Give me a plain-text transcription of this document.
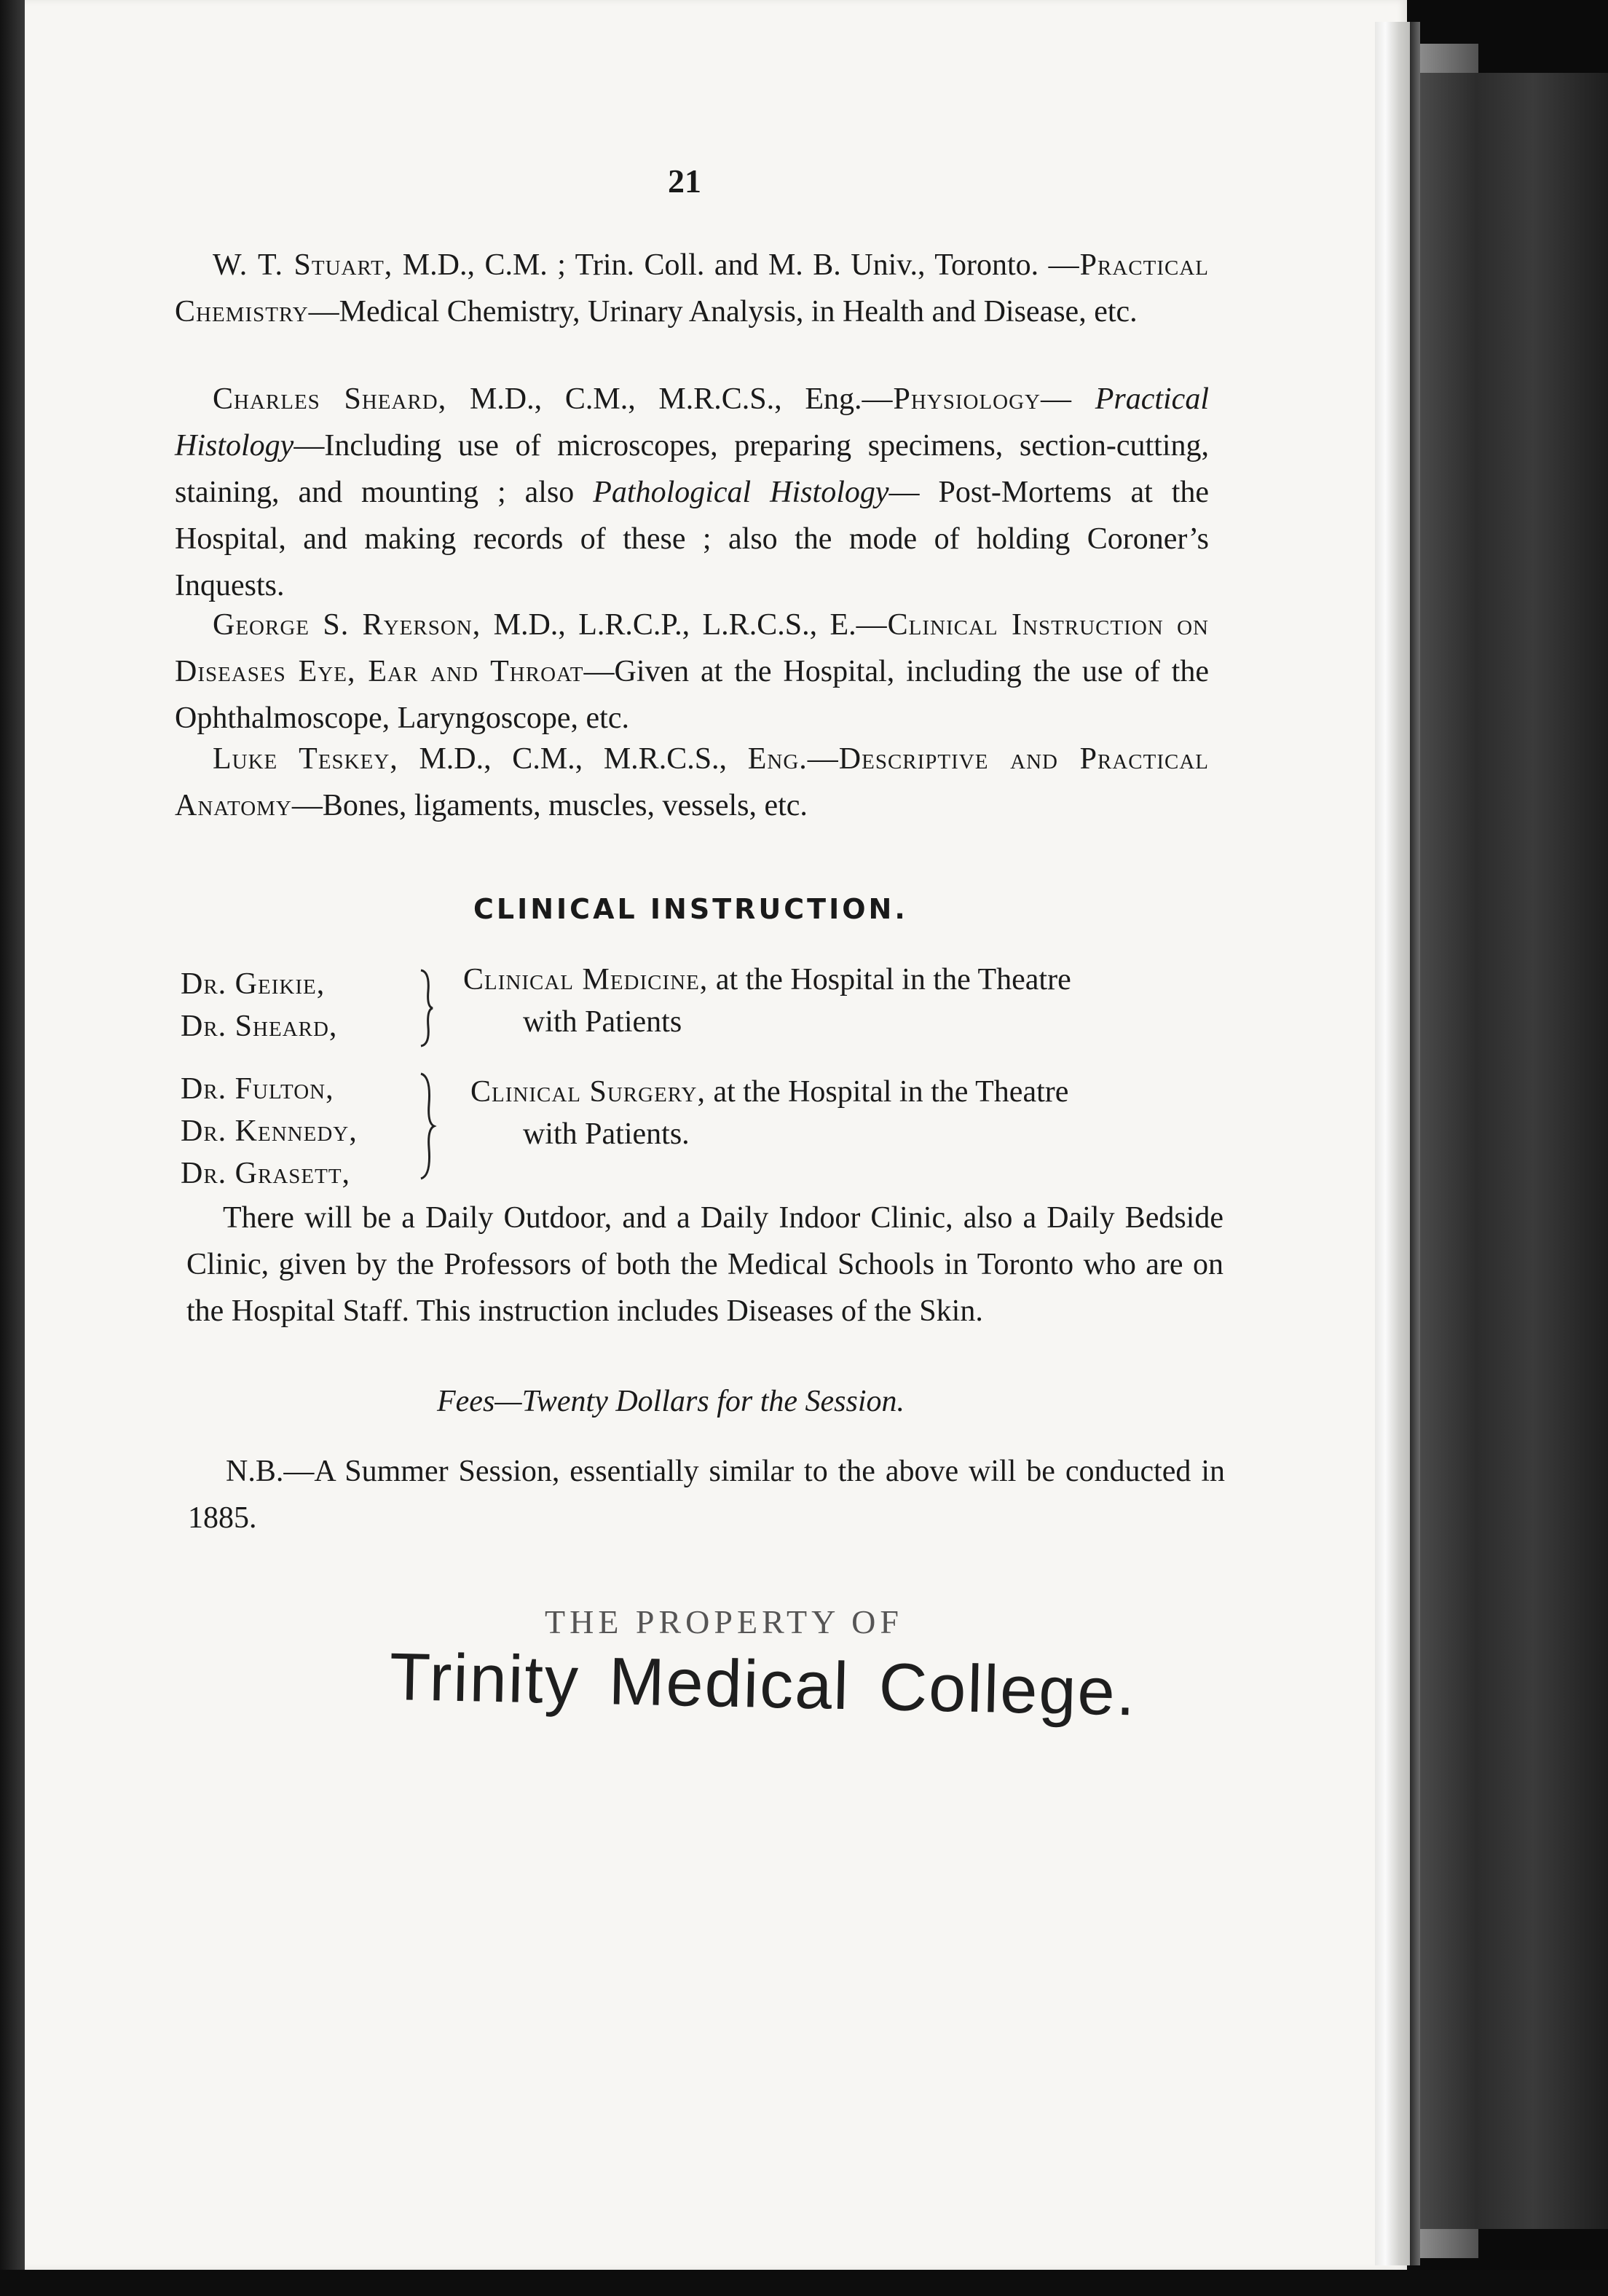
21
W. T. Stuart, M.D., C.M. ; Trin. Coll. and M. B. Univ., Toronto. —Practical Chemistry—Medical Chemistry, Urinary Analysis, in Health and Disease, etc.
Charles Sheard, M.D., C.M., M.R.C.S., Eng.—Physiology— Practical Histology—Including use of microscopes, preparing specimens, section-cutting, staining, and mounting ; also Pathological Histology— Post-Mortems at the Hospital, and making records of these ; also the mode of holding Coroner’s Inquests.
George S. Ryerson, M.D., L.R.C.P., L.R.C.S., E.—Clinical Instruction on Diseases Eye, Ear and Throat—Given at the Hospital, including the use of the Ophthalmoscope, Laryngoscope, etc.
Luke Teskey, M.D., C.M., M.R.C.S., Eng.—Descriptive and Practical Anatomy—Bones, ligaments, muscles, vessels, etc.
CLINICAL INSTRUCTION.
Dr. Geikie,
Dr. Sheard,
Clinical Medicine, at the Hospital in the Theatre
with Patients
Dr. Fulton,
Dr. Kennedy,
Dr. Grasett,
Clinical Surgery, at the Hospital in the Theatre
with Patients.
There will be a Daily Outdoor, and a Daily Indoor Clinic, also a Daily Bedside Clinic, given by the Professors of both the Medical Schools in Toronto who are on the Hospital Staff. This instruction includes Diseases of the Skin.
Fees—Twenty Dollars for the Session.
N.B.—A Summer Session, essentially similar to the above will be conducted in 1885.
THE PROPERTY OF
Trinity Medical College.
